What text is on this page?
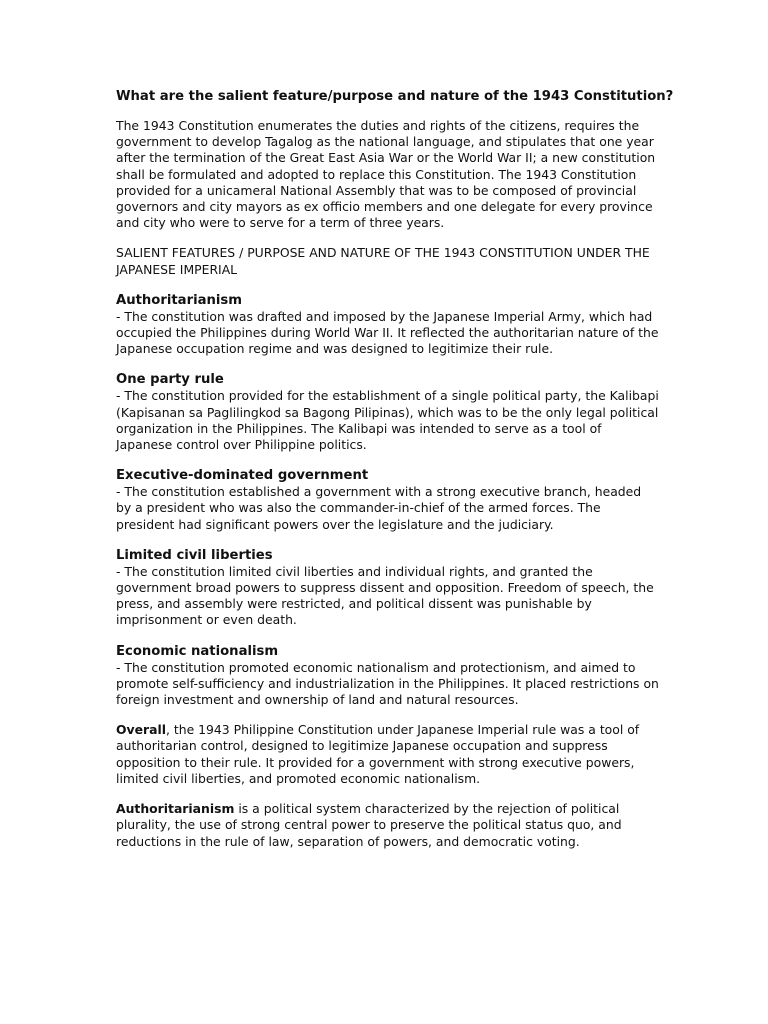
What are the salient feature/purpose and nature of the 1943 Constitution?

The 1943 Constitution enumerates the duties and rights of the citizens, requires the government to develop Tagalog as the national language, and stipulates that one year after the termination of the Great East Asia War or the World War II; a new constitution shall be formulated and adopted to replace this Constitution. The 1943 Constitution provided for a unicameral National Assembly that was to be composed of provincial governors and city mayors as ex officio members and one delegate for every province and city who were to serve for a term of three years.

SALIENT FEATURES / PURPOSE AND NATURE OF THE 1943 CONSTITUTION UNDER THE JAPANESE IMPERIAL

Authoritarianism

- The constitution was drafted and imposed by the Japanese Imperial Army, which had occupied the Philippines during World War II. It reflected the authoritarian nature of the Japanese occupation regime and was designed to legitimize their rule.

One party rule

- The constitution provided for the establishment of a single political party, the Kalibapi (Kapisanan sa Paglilingkod sa Bagong Pilipinas), which was to be the only legal political organization in the Philippines. The Kalibapi was intended to serve as a tool of Japanese control over Philippine politics.

Executive-dominated government

- The constitution established a government with a strong executive branch, headed by a president who was also the commander-in-chief of the armed forces. The president had significant powers over the legislature and the judiciary.

Limited civil liberties

- The constitution limited civil liberties and individual rights, and granted the government broad powers to suppress dissent and opposition. Freedom of speech, the press, and assembly were restricted, and political dissent was punishable by imprisonment or even death.

Economic nationalism

- The constitution promoted economic nationalism and protectionism, and aimed to promote self-sufficiency and industrialization in the Philippines. It placed restrictions on foreign investment and ownership of land and natural resources.

Overall, the 1943 Philippine Constitution under Japanese Imperial rule was a tool of authoritarian control, designed to legitimize Japanese occupation and suppress opposition to their rule. It provided for a government with strong executive powers, limited civil liberties, and promoted economic nationalism.

Authoritarianism is a political system characterized by the rejection of political plurality, the use of strong central power to preserve the political status quo, and reductions in the rule of law, separation of powers, and democratic voting.
